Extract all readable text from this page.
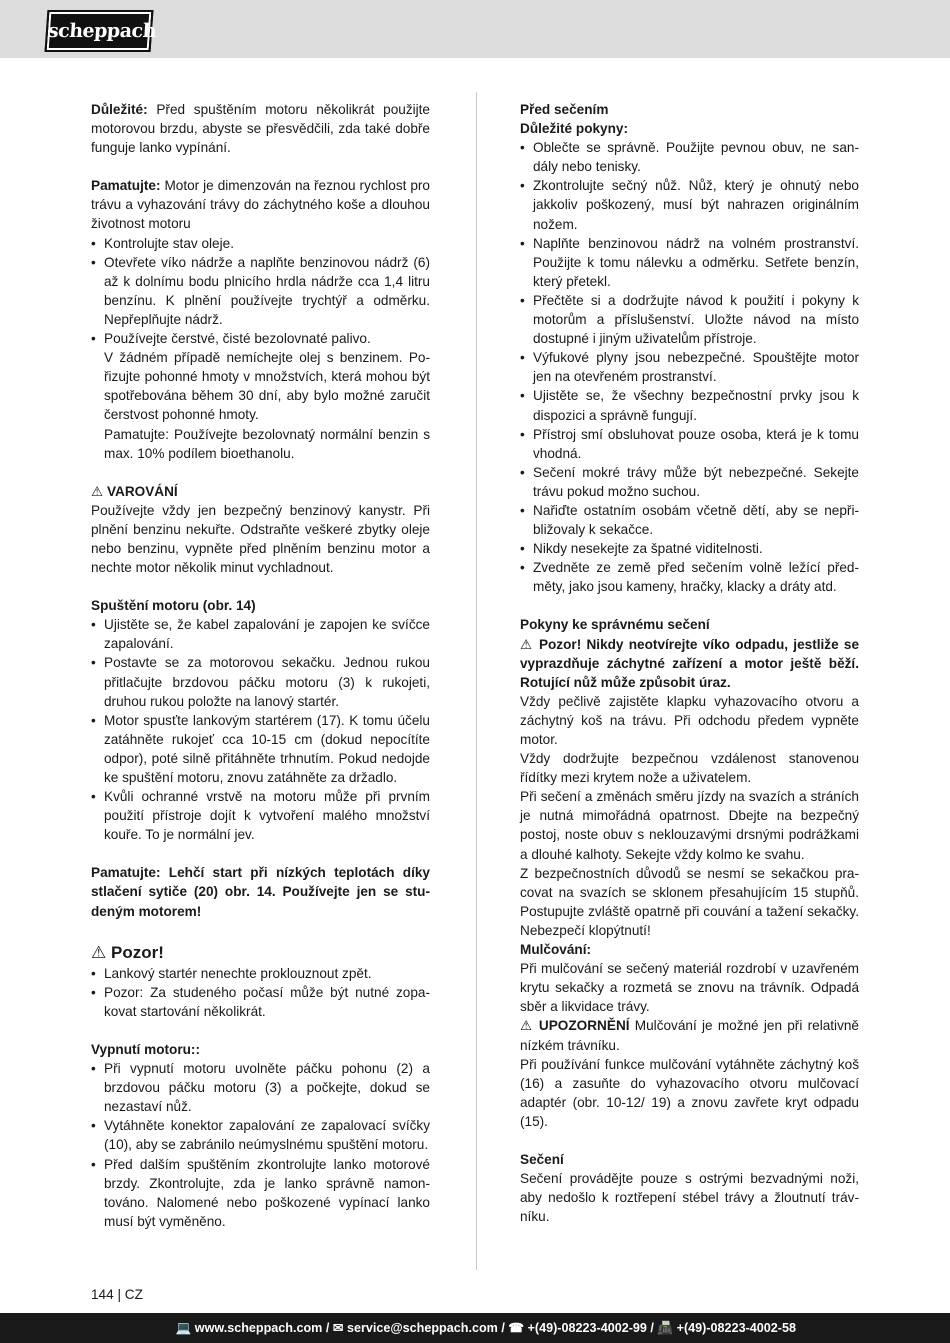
scheppach

Důležité: Před spuštěním motoru několikrát použijte motorovou brzdu, abyste se přesvědčili, zda také dobře funguje lanko vypínání.

Pamatujte: Motor je dimenzován na řeznou rychlost pro trávu a vyhazování trávy do záchytného koše a dlouhou životnost motoru

• Kontrolujte stav oleje.
• Otevřete víko nádrže a naplňte benzinovou nádrž (6) až k dolnímu bodu plnicího hrdla nádrže cca 1,4 litru benzínu. K plnění používejte trychtýř a odměrku. Nepřeplňujte nádrž.
• Používejte čerstvé, čisté bezolovnaté palivo.

V žádném případě nemíchejte olej s benzinem. Pořizujte pohonné hmoty v množstvích, která mohou být spotřebována během 30 dní, aby bylo možné zaručit čerstvost pohonné hmoty.

Pamatujte: Používejte bezolovnatý normální benzin s max. 10% podílem bioethanolu.

⚠ VAROVÁNÍ

Používejte vždy jen bezpečný benzinový kanystr. Při plnění benzinu nekuřte. Odstraňte veškeré zbytky oleje nebo benzinu, vypněte před plněním benzinu motor a nechte motor několik minut vychladnout.

Spuštění motoru (obr. 14)

• Ujistěte se, že kabel zapalování je zapojen ke svíčce zapalování.
• Postavte se za motorovou sekačku. Jednou rukou přitlačujte brzdovou páčku motoru (3) k rukojeti, druhou rukou položte na lanový startér.
• Motor spusťte lankovým startérem (17). K tomu účelu zatáhněte rukojeť cca 10-15 cm (dokud nepocítíte odpor), poté silně přitáhněte trhnutím. Pokud nedojde ke spuštění motoru, znovu zatáhněte za držadlo.
• Kvůli ochranné vrstvě na motoru může při prvním použití přístroje dojít k vytvoření malého množství kouře. To je normální jev.

Pamatujte: Lehčí start při nízkých teplotách díky stlačení sytiče (20) obr. 14. Používejte jen se studeným motorem!

⚠ Pozor!

• Lankový startér nenechte proklouznout zpět.
• Pozor: Za studeného počasí může být nutné zopakovat startování několikrát.

Vypnutí motoru::

• Při vypnutí motoru uvolněte páčku pohonu (2) a brzdovou páčku motoru (3) a počkejte, dokud se nezastaví nůž.
• Vytáhněte konektor zapalování ze zapalovací svíčky (10), aby se zabránilo neúmyslnému spuštění motoru.
• Před dalším spuštěním zkontrolujte lanko motorové brzdy. Zkontrolujte, zda je lanko správně namontováno. Nalomené nebo poškozené vypínací lanko musí být vyměněno.

Před sečením

Důležité pokyny:

• Oblečte se správně. Použijte pevnou obuv, ne sandály nebo tenisky.
• Zkontrolujte sečný nůž. Nůž, který je ohnutý nebo jakkoliv poškozený, musí být nahrazen originálním nožem.
• Naplňte benzinovou nádrž na volném prostranství. Použijte k tomu nálevku a odměrku. Setřete benzín, který přetekl.
• Přečtěte si a dodržujte návod k použití i pokyny k motorům a příslušenství. Uložte návod na místo dostupné i jiným uživatelům přístroje.
• Výfukové plyny jsou nebezpečné. Spouštějte motor jen na otevřeném prostranství.
• Ujistěte se, že všechny bezpečnostní prvky jsou k dispozici a správně fungují.
• Přístroj smí obsluhovat pouze osoba, která je k tomu vhodná.
• Sečení mokré trávy může být nebezpečné. Sekejte trávu pokud možno suchou.
• Nařiďte ostatním osobám včetně dětí, aby se nepřibližovaly k sekačce.
• Nikdy nesekejte za špatné viditelnosti.
• Zvedněte ze země před sečením volně ležící předměty, jako jsou kameny, hračky, klacky a dráty atd.

Pokyny ke správnému sečení

⚠ Pozor! Nikdy neotvírejte víko odpadu, jestliže se vyprazdňuje záchytné zařízení a motor ještě běží. Rotující nůž může způsobit úraz.

Vždy pečlivě zajistěte klapku vyhazovacího otvoru a záchytný koš na trávu. Při odchodu předem vypněte motor.

Vždy dodržujte bezpečnou vzdálenost stanovenou řídítky mezi krytem nože a uživatelem.

Při sečení a změnách směru jízdy na svazích a stráních je nutná mimořádná opatrnost. Dbejte na bezpečný postoj, noste obuv s neklouzavými drsnými podrážkami a dlouhé kalhoty. Sekejte vždy kolmo ke svahu.

Z bezpečnostních důvodů se nesmí se sekačkou pracovat na svazích se sklonem přesahujícím 15 stupňů. Postupujte zvláště opatrně při couvání a tažení sekačky. Nebezpečí klopýtnutí!

Mulčování:

Při mulčování se sečený materiál rozdrobí v uzavřeném krytu sekačky a rozmetá se znovu na trávník. Odpadá sběr a likvidace trávy.

⚠ UPOZORNĚNÍ Mulčování je možné jen při relativně nízkém trávníku.

Při používání funkce mulčování vytáhněte záchytný koš (16) a zasuňte do vyhazovacího otvoru mulčovací adaptér (obr. 10-12/ 19) a znovu zavřete kryt odpadu (15).

Sečení

Sečení provádějte pouze s ostrými bezvadnými noži, aby nedošlo k roztřepení stébel trávy a žloutnutí trávníku.

144 | CZ
💻 www.scheppach.com / ✉ service@scheppach.com / ☎ +(49)-08223-4002-99 / 📠 +(49)-08223-4002-58
